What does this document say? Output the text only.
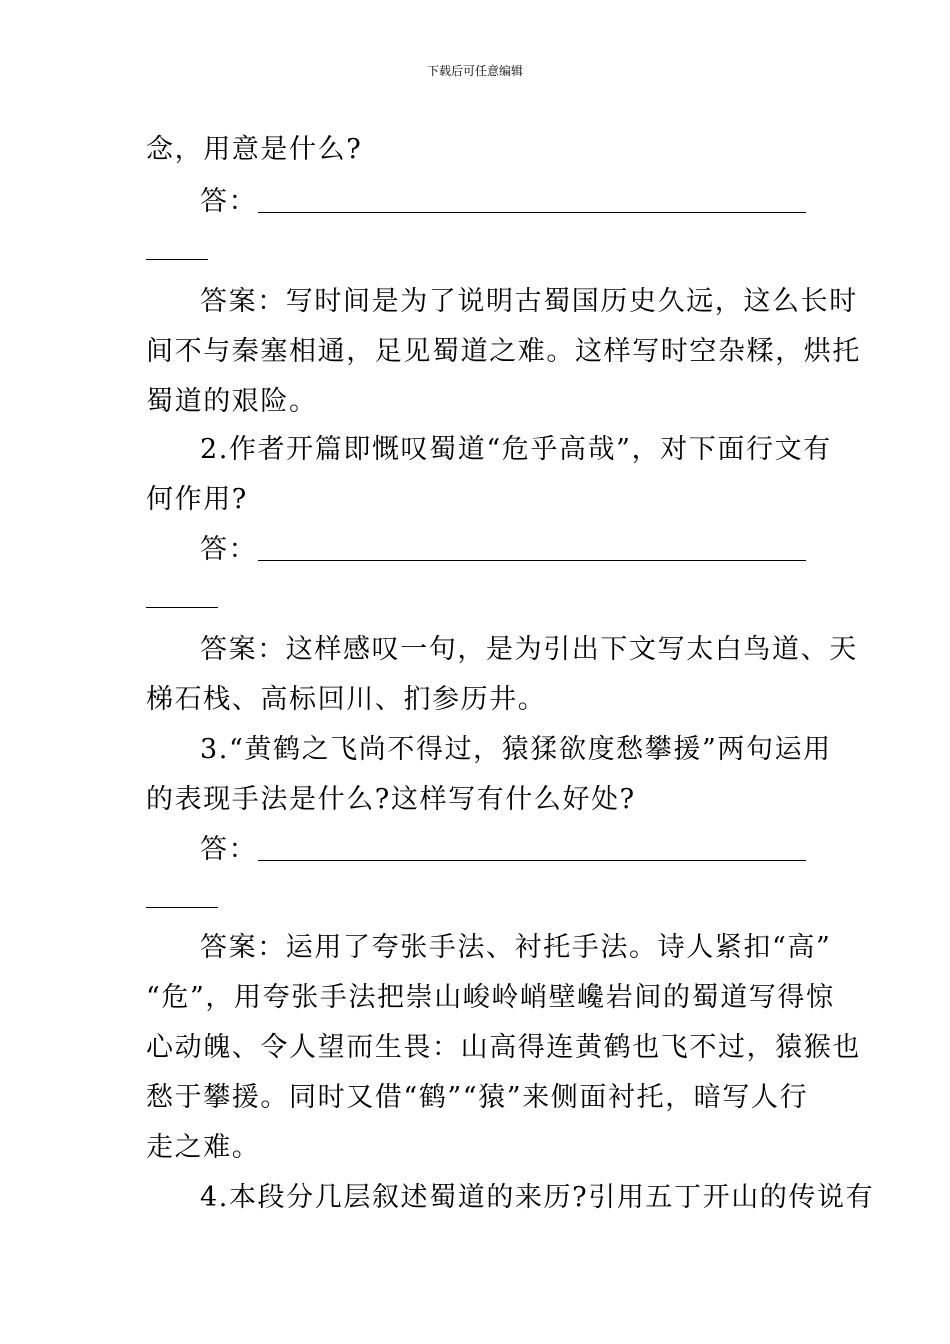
下载后可任意编辑
念，用意是什么?
答：
答案：写时间是为了说明古蜀国历史久远，这么长时
间不与秦塞相通，足见蜀道之难。这样写时空杂糅，烘托
蜀道的艰险。
2.作者开篇即慨叹蜀道“危乎高哉”，对下面行文有
何作用?
答：
答案：这样感叹一句，是为引出下文写太白鸟道、天
梯石栈、高标回川、扪参历井。
3.“黄鹤之飞尚不得过，猿猱欲度愁攀援”两句运用
的表现手法是什么?这样写有什么好处?
答：
答案：运用了夸张手法、衬托手法。诗人紧扣“高”
“危”，用夸张手法把崇山峻岭峭壁巉岩间的蜀道写得惊
心动魄、令人望而生畏：山高得连黄鹤也飞不过，猿猴也
愁于攀援。同时又借“鹤”“猿”来侧面衬托，暗写人行
走之难。
4.本段分几层叙述蜀道的来历?引用五丁开山的传说有
